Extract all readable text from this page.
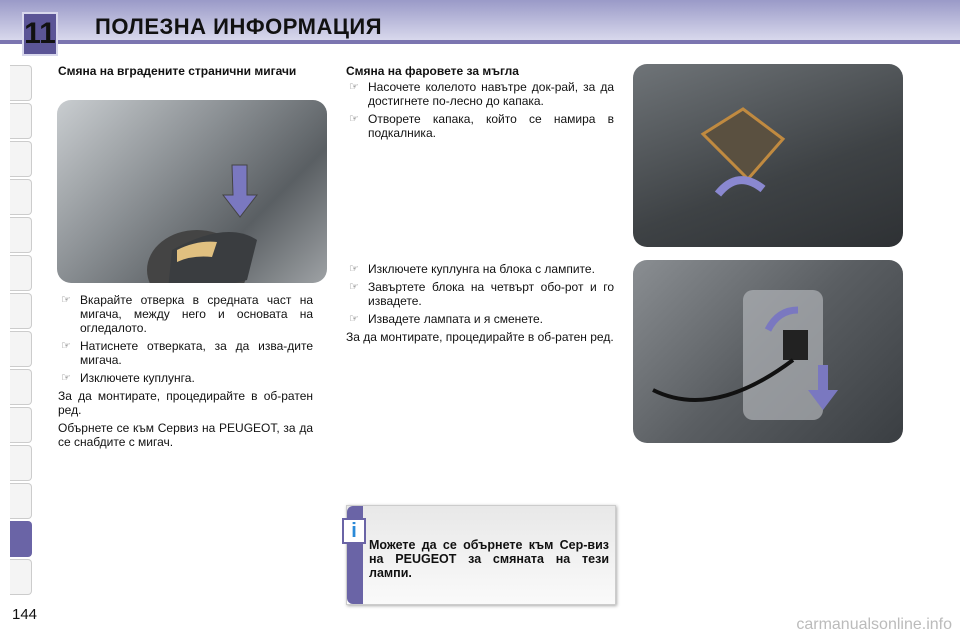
11 ПОЛЕЗНА ИНФОРМАЦИЯ
Смяна на вградените странични мигачи

☞ Вкарайте отверка в средната част на мигача, между него и основата на огледалото.

☞ Натиснете отверката, за да изва-дите мигача.

☞ Изключете куплунга.

За да монтирате, процедирайте в об-ратен ред.

Обърнете се към Сервиз на PEUGEOT, за да се снабдите с мигач.

Смяна на фаровете за мъгла

☞ Насочете колелото навътре док-рай, за да достигнете по-лесно до капака.

☞ Отворете капака, който се намира в подкалника.

☞ Изключете куплунга на блока с лампите.

☞ Завъртете блока на четвърт обо-рот и го извадете.

☞ Извадете лампата и я сменете.

За да монтирате, процедирайте в об-ратен ред.

i
Можете да се обърнете към Сер-виз на PEUGEOT за смяната на тези лампи.
144
carmanualsonline.info
